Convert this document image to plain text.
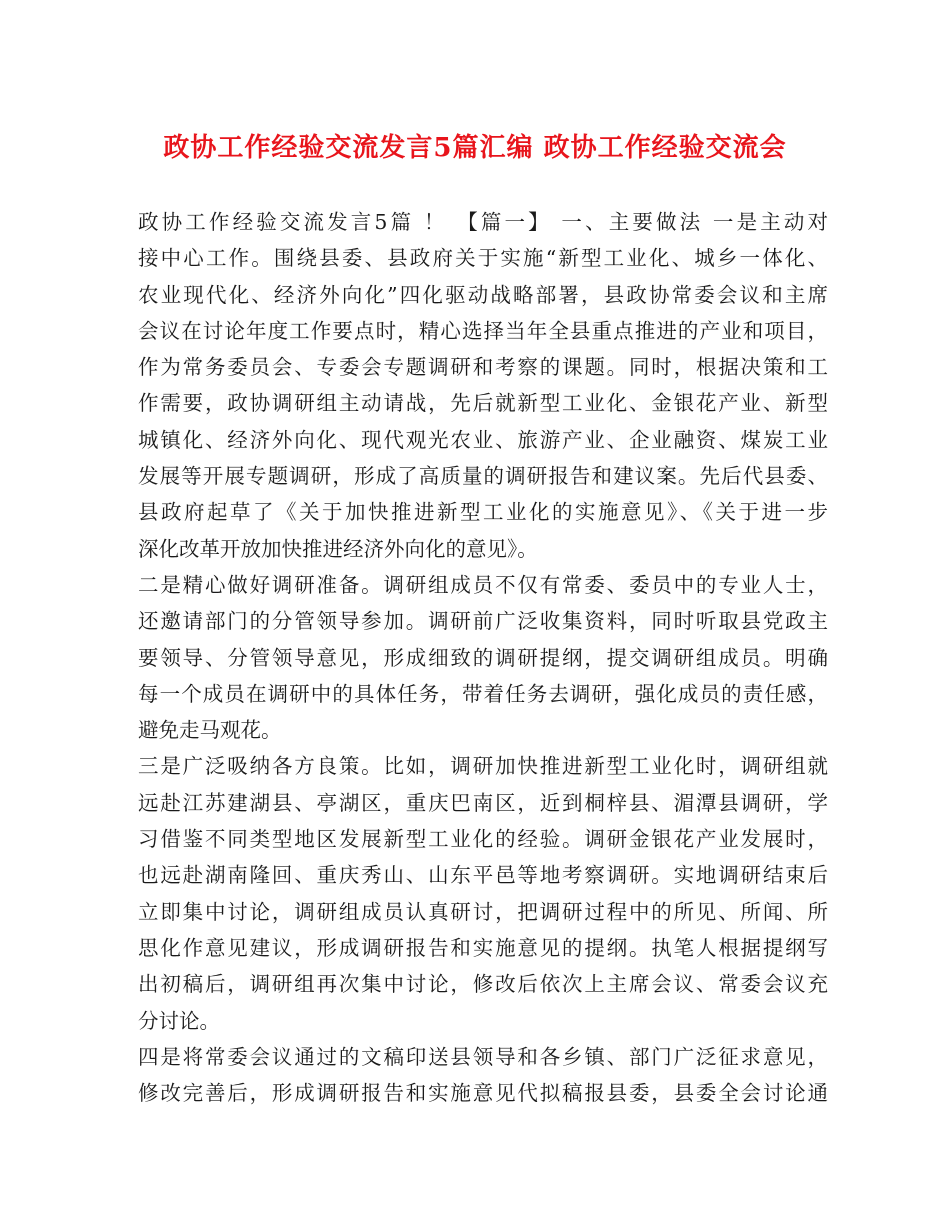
政协工作经验交流发言5篇汇编 政协工作经验交流会
政协工作经验交流发言5篇 ！ 【篇一】 一、主要做法 一是主动对
接中心工作。围绕县委、县政府关于实施“新型工业化、城乡一体化、
农业现代化、经济外向化”四化驱动战略部署，县政协常委会议和主席
会议在讨论年度工作要点时，精心选择当年全县重点推进的产业和项目，
作为常务委员会、专委会专题调研和考察的课题。同时，根据决策和工
作需要，政协调研组主动请战，先后就新型工业化、金银花产业、新型
城镇化、经济外向化、现代观光农业、旅游产业、企业融资、煤炭工业
发展等开展专题调研，形成了高质量的调研报告和建议案。先后代县委、
县政府起草了《关于加快推进新型工业化的实施意见》、《关于进一步
深化改革开放加快推进经济外向化的意见》。
二是精心做好调研准备。调研组成员不仅有常委、委员中的专业人士，
还邀请部门的分管领导参加。调研前广泛收集资料，同时听取县党政主
要领导、分管领导意见，形成细致的调研提纲，提交调研组成员。明确
每一个成员在调研中的具体任务，带着任务去调研，强化成员的责任感，
避免走马观花。
三是广泛吸纳各方良策。比如，调研加快推进新型工业化时，调研组就
远赴江苏建湖县、亭湖区，重庆巴南区，近到桐梓县、湄潭县调研，学
习借鉴不同类型地区发展新型工业化的经验。调研金银花产业发展时，
也远赴湖南隆回、重庆秀山、山东平邑等地考察调研。实地调研结束后
立即集中讨论，调研组成员认真研讨，把调研过程中的所见、所闻、所
思化作意见建议，形成调研报告和实施意见的提纲。执笔人根据提纲写
出初稿后，调研组再次集中讨论，修改后依次上主席会议、常委会议充
分讨论。
四是将常委会议通过的文稿印送县领导和各乡镇、部门广泛征求意见，
修改完善后，形成调研报告和实施意见代拟稿报县委，县委全会讨论通
